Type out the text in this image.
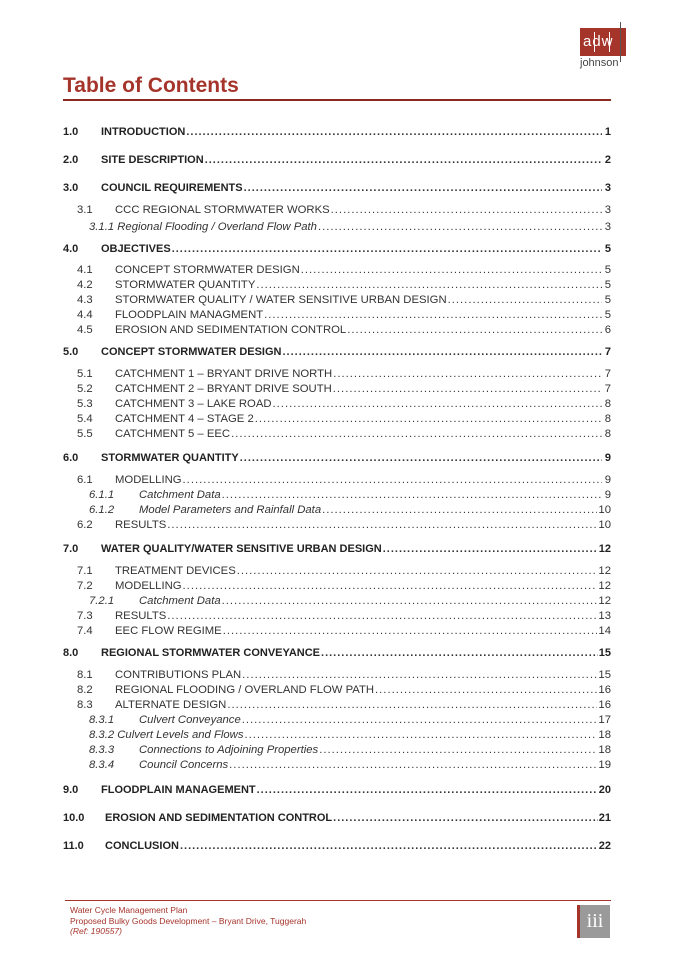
adw
johnson
Table of Contents
1.0	INTRODUCTION .....	1
2.0	SITE DESCRIPTION .....	2
3.0	COUNCIL REQUIREMENTS .....	3
3.1	CCC REGIONAL STORMWATER WORKS .....	3
3.1.1 Regional Flooding / Overland Flow Path .....	3
4.0	OBJECTIVES .....	5
4.1	CONCEPT STORMWATER DESIGN .....	5
4.2	STORMWATER QUANTITY .....	5
4.3	STORMWATER QUALITY / WATER SENSITIVE URBAN DESIGN .....	5
4.4	FLOODPLAIN MANAGMENT .....	5
4.5	EROSION AND SEDIMENTATION CONTROL .....	6
5.0	CONCEPT STORMWATER DESIGN .....	7
5.1	CATCHMENT 1 – BRYANT DRIVE NORTH .....	7
5.2	CATCHMENT 2 – BRYANT DRIVE SOUTH .....	7
5.3	CATCHMENT 3 – LAKE ROAD .....	8
5.4	CATCHMENT 4 – STAGE 2 .....	8
5.5	CATCHMENT 5 – EEC .....	8
6.0	STORMWATER QUANTITY .....	9
6.1	MODELLING .....	9
6.1.1	Catchment Data .....	9
6.1.2	Model Parameters and Rainfall Data .....	10
6.2	RESULTS .....	10
7.0	WATER QUALITY/WATER SENSITIVE URBAN DESIGN .....	12
7.1	TREATMENT DEVICES .....	12
7.2	MODELLING .....	12
7.2.1	Catchment Data .....	12
7.3	RESULTS .....	13
7.4	EEC FLOW REGIME .....	14
8.0	REGIONAL STORMWATER CONVEYANCE .....	15
8.1	CONTRIBUTIONS PLAN .....	15
8.2	REGIONAL FLOODING / OVERLAND FLOW PATH .....	16
8.3	ALTERNATE DESIGN .....	16
8.3.1	Culvert Conveyance .....	17
8.3.2 Culvert Levels and Flows .....	18
8.3.3	Connections to Adjoining Properties .....	18
8.3.4	Council Concerns .....	19
9.0	FLOODPLAIN MANAGEMENT .....	20
10.0	EROSION AND SEDIMENTATION CONTROL .....	21
11.0	CONCLUSION .....	22
Water Cycle Management Plan
Proposed Bulky Goods Development – Bryant Drive, Tuggerah
(Ref: 190557)	iii
